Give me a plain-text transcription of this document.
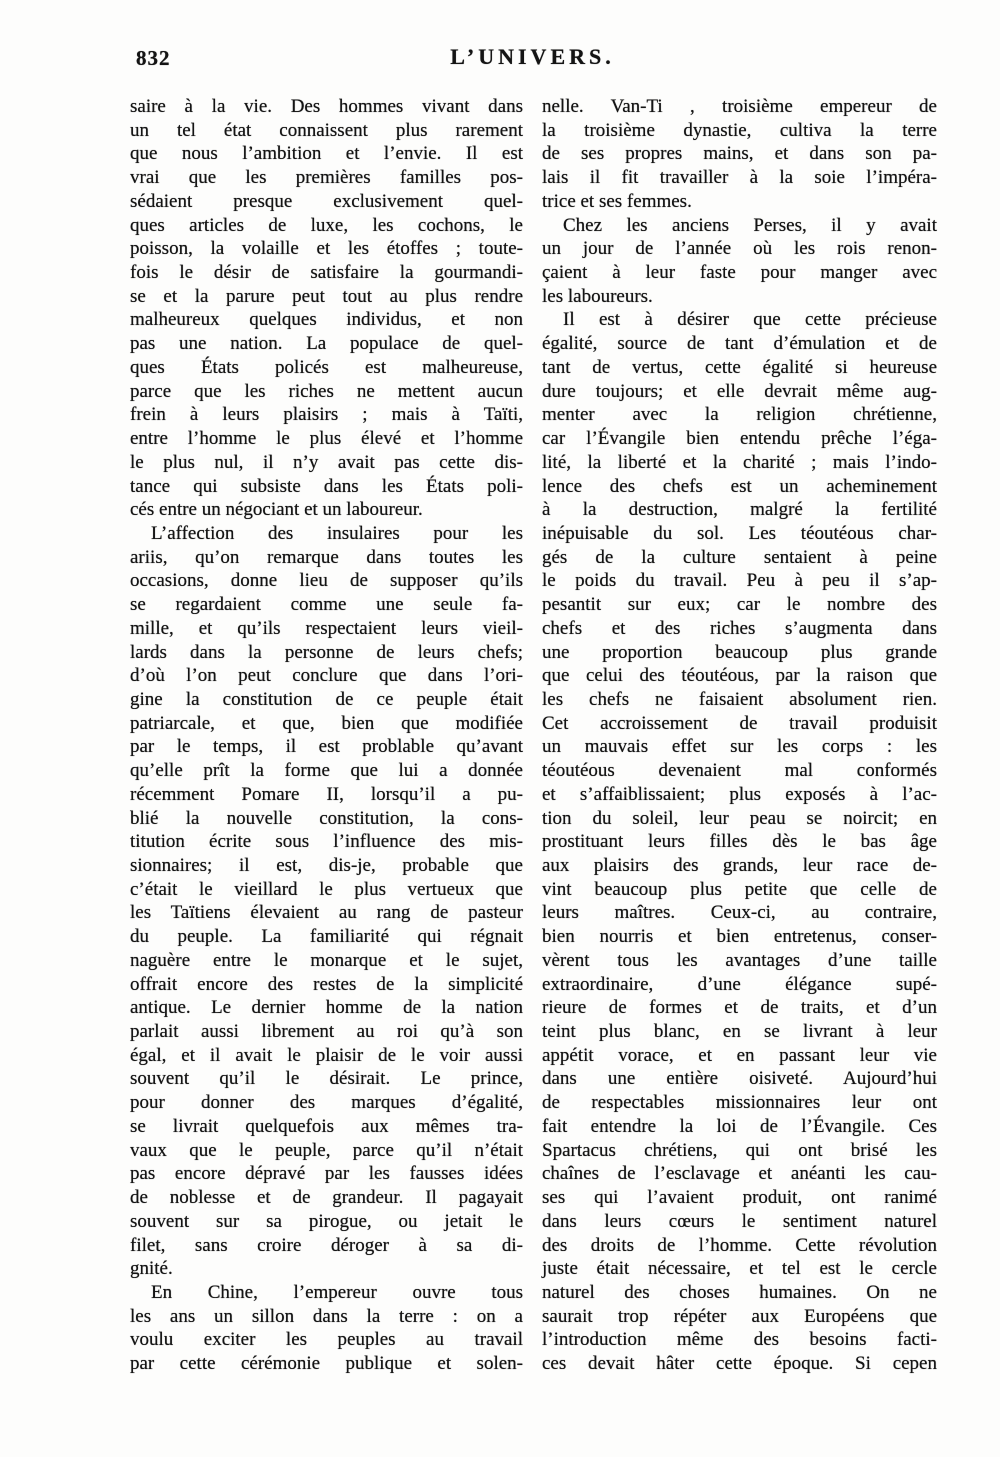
832	L’UNIVERS.
saire à la vie. Des hommes vivant dans
un tel état connaissent plus rarement
que nous l’ambition et l’envie. Il est
vrai que les premières familles pos-
sédaient presque exclusivement quel-
ques articles de luxe, les cochons, le
poisson, la volaille et les étoffes ; toute-
fois le désir de satisfaire la gourmandi-
se et la parure peut tout au plus rendre
malheureux quelques individus, et non
pas une nation. La populace de quel-
ques États policés est malheureuse,
parce que les riches ne mettent aucun
frein à leurs plaisirs ; mais à Taïti,
entre l’homme le plus élevé et l’homme
le plus nul, il n’y avait pas cette dis-
tance qui subsiste dans les États poli-
cés entre un négociant et un laboureur.
L’affection des insulaires pour les
ariis, qu’on remarque dans toutes les
occasions, donne lieu de supposer qu’ils
se regardaient comme une seule fa-
mille, et qu’ils respectaient leurs vieil-
lards dans la personne de leurs chefs;
d’où l’on peut conclure que dans l’ori-
gine la constitution de ce peuple était
patriarcale, et que, bien que modifiée
par le temps, il est problable qu’avant
qu’elle prît la forme que lui a donnée
récemment Pomare II, lorsqu’il a pu-
blié la nouvelle constitution, la cons-
titution écrite sous l’influence des mis-
sionnaires; il est, dis-je, probable que
c’était le vieillard le plus vertueux que
les Taïtiens élevaient au rang de pasteur
du peuple. La familiarité qui régnait
naguère entre le monarque et le sujet,
offrait encore des restes de la simplicité
antique. Le dernier homme de la nation
parlait aussi librement au roi qu’à son
égal, et il avait le plaisir de le voir aussi
souvent qu’il le désirait. Le prince,
pour donner des marques d’égalité,
se livrait quelquefois aux mêmes tra-
vaux que le peuple, parce qu’il n’était
pas encore dépravé par les fausses idées
de noblesse et de grandeur. Il pagayait
souvent sur sa pirogue, ou jetait le
filet, sans croire déroger à sa di-
gnité.
En Chine, l’empereur ouvre tous
les ans un sillon dans la terre : on a
voulu exciter les peuples au travail
par cette cérémonie publique et solen-
nelle. Van-Ti , troisième empereur de
la troisième dynastie, cultiva la terre
de ses propres mains, et dans son pa-
lais il fit travailler à la soie l’impéra-
trice et ses femmes.
Chez les anciens Perses, il y avait
un jour de l’année où les rois renon-
çaient à leur faste pour manger avec
les laboureurs.
Il est à désirer que cette précieuse
égalité, source de tant d’émulation et de
tant de vertus, cette égalité si heureuse
dure toujours; et elle devrait même aug-
menter avec la religion chrétienne,
car l’Évangile bien entendu prêche l’éga-
lité, la liberté et la charité ; mais l’indo-
lence des chefs est un acheminement
à la destruction, malgré la fertilité
inépuisable du sol. Les téoutéous char-
gés de la culture sentaient à peine
le poids du travail. Peu à peu il s’ap-
pesantit sur eux; car le nombre des
chefs et des riches s’augmenta dans
une proportion beaucoup plus grande
que celui des téoutéous, par la raison que
les chefs ne faisaient absolument rien.
Cet accroissement de travail produisit
un mauvais effet sur les corps : les
téoutéous devenaient mal conformés
et s’affaiblissaient; plus exposés à l’ac-
tion du soleil, leur peau se noircit; en
prostituant leurs filles dès le bas âge
aux plaisirs des grands, leur race de-
vint beaucoup plus petite que celle de
leurs maîtres. Ceux-ci, au contraire,
bien nourris et bien entretenus, conser-
vèrent tous les avantages d’une taille
extraordinaire, d’une élégance supé-
rieure de formes et de traits, et d’un
teint plus blanc, en se livrant à leur
appétit vorace, et en passant leur vie
dans une entière oisiveté. Aujourd’hui
de respectables missionnaires leur ont
fait entendre la loi de l’Évangile. Ces
Spartacus chrétiens, qui ont brisé les
chaînes de l’esclavage et anéanti les cau-
ses qui l’avaient produit, ont ranimé
dans leurs cœurs le sentiment naturel
des droits de l’homme. Cette révolution
juste était nécessaire, et tel est le cercle
naturel des choses humaines. On ne
saurait trop répéter aux Européens que
l’introduction même des besoins facti-
ces devait hâter cette époque. Si cepen
